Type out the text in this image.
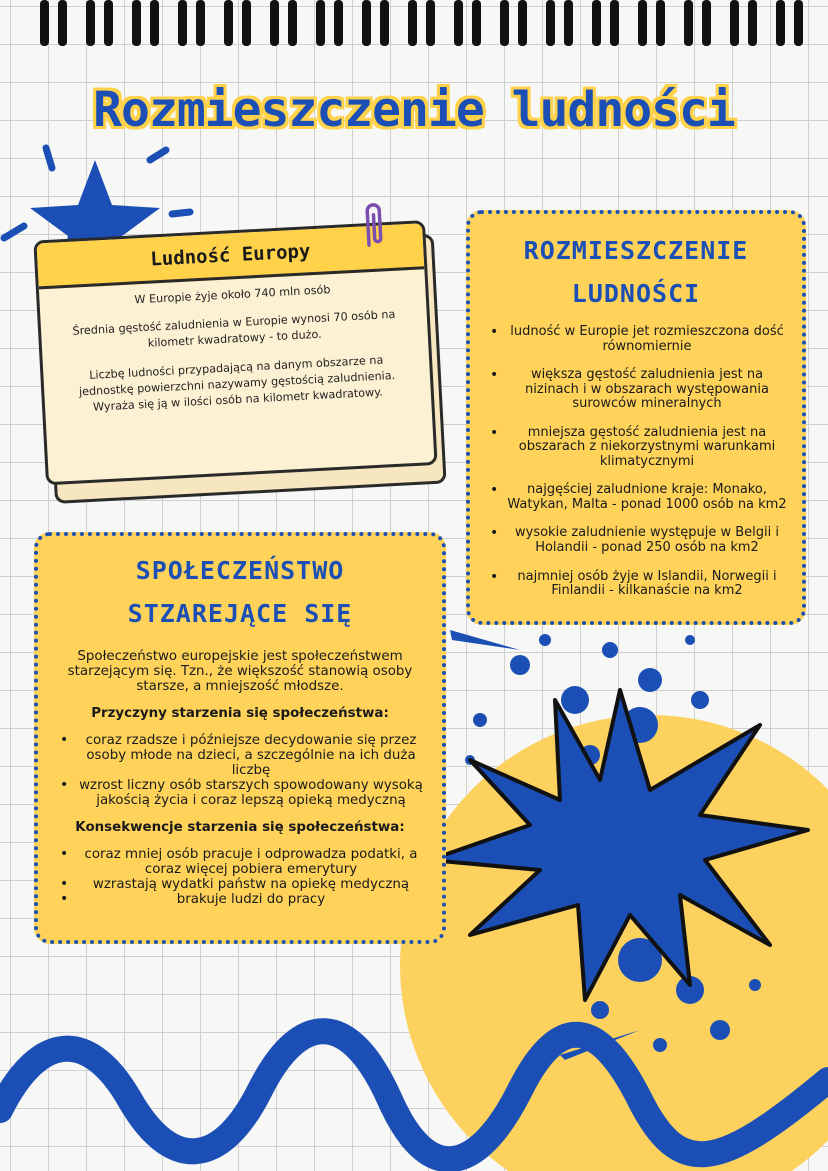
Rozmieszczenie ludności
Ludność Europy

W Europie żyje około 740 mln osób

Średnia gęstość zaludnienia w Europie wynosi 70 osób na kilometr kwadratowy - to dużo.

Liczbę ludności przypadającą na danym obszarze na jednostkę powierzchni nazywamy gęstością zaludnienia. Wyraża się ją w ilości osób na kilometr kwadratowy.

ROZMIESZCZENIE LUDNOŚCI
• ludność w Europie jet rozmieszczona dość równomiernie
• większa gęstość zaludnienia jest na nizinach i w obszarach występowania surowców mineralnych
• mniejsza gęstość zaludnienia jest na obszarach z niekorzystnymi warunkami klimatycznymi
• najgęściej zaludnione kraje: Monako, Watykan, Malta - ponad 1000 osób na km2
• wysokie zaludnienie występuje w Belgii i Holandii - ponad 250 osób na km2
• najmniej osób żyje w Islandii, Norwegii i Finlandii - kilkanaście na km2
SPOŁECZEŃSTWO STZAREJĄCE SIĘ
Społeczeństwo europejskie jest społeczeństwem starzejącym się. Tzn., że większość stanowią osoby starsze, a mniejszość młodsze.
Przyczyny starzenia się społeczeństwa:
• coraz rzadsze i późniejsze decydowanie się przez osoby młode na dzieci, a szczególnie na ich duża liczbę
• wzrost liczny osób starszych spowodowany wysoką jakością życia i coraz lepszą opieką medyczną
Konsekwencje starzenia się społeczeństwa:
• coraz mniej osób pracuje i odprowadza podatki, a coraz więcej pobiera emerytury
• wzrastają wydatki państw na opiekę medyczną
• brakuje ludzi do pracy
